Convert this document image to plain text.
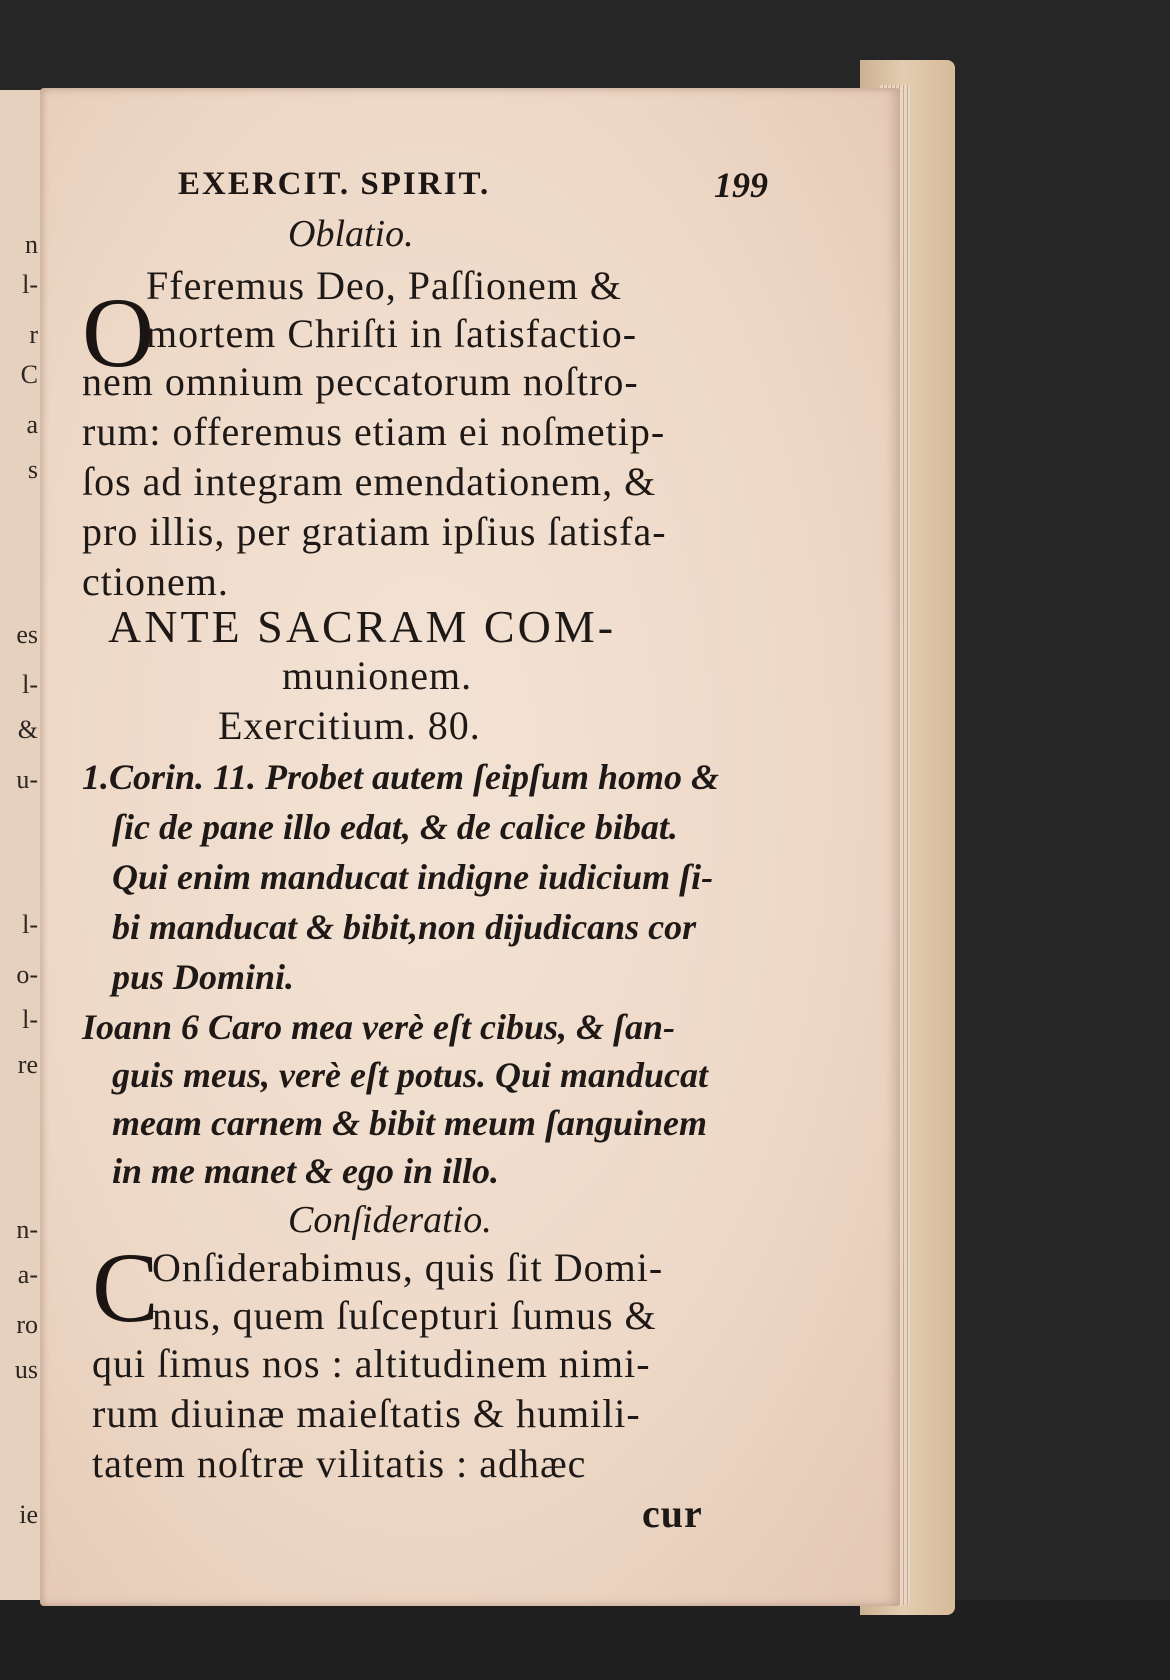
n
l-
r
C
a
s
es
l-
&
u-
l-
o-
l-
re
n-
a-
ro
us
ie
EXERCIT. SPIRIT.	199
Oblatio.
O
Fferemus Deo, Paſſionem &
mortem Chriſti in ſatisfactio-
nem omnium peccatorum noſtro-
rum: offeremus etiam ei noſmetip-
ſos ad integram emendationem, &
pro illis, per gratiam ipſius ſatisfa-
ctionem.
ANTE SACRAM COM-
munionem.
Exercitium. 80.
1.Corin. 11. Probet autem ſeipſum homo &
ſic de pane illo edat, & de calice bibat.
Qui enim manducat indigne iudicium ſi-
bi manducat & bibit,non dijudicans cor
pus Domini.
Ioann 6 Caro mea verè eſt cibus, & ſan-
guis meus, verè eſt potus. Qui manducat
meam carnem & bibit meum ſanguinem
in me manet & ego in illo.
Conſideratio.
C
Onſiderabimus, quis ſit Domi-
nus, quem ſuſcepturi ſumus &
qui ſimus nos : altitudinem nimi-
rum diuinæ maieſtatis & humili-
tatem noſtræ vilitatis : adhæc
cur
